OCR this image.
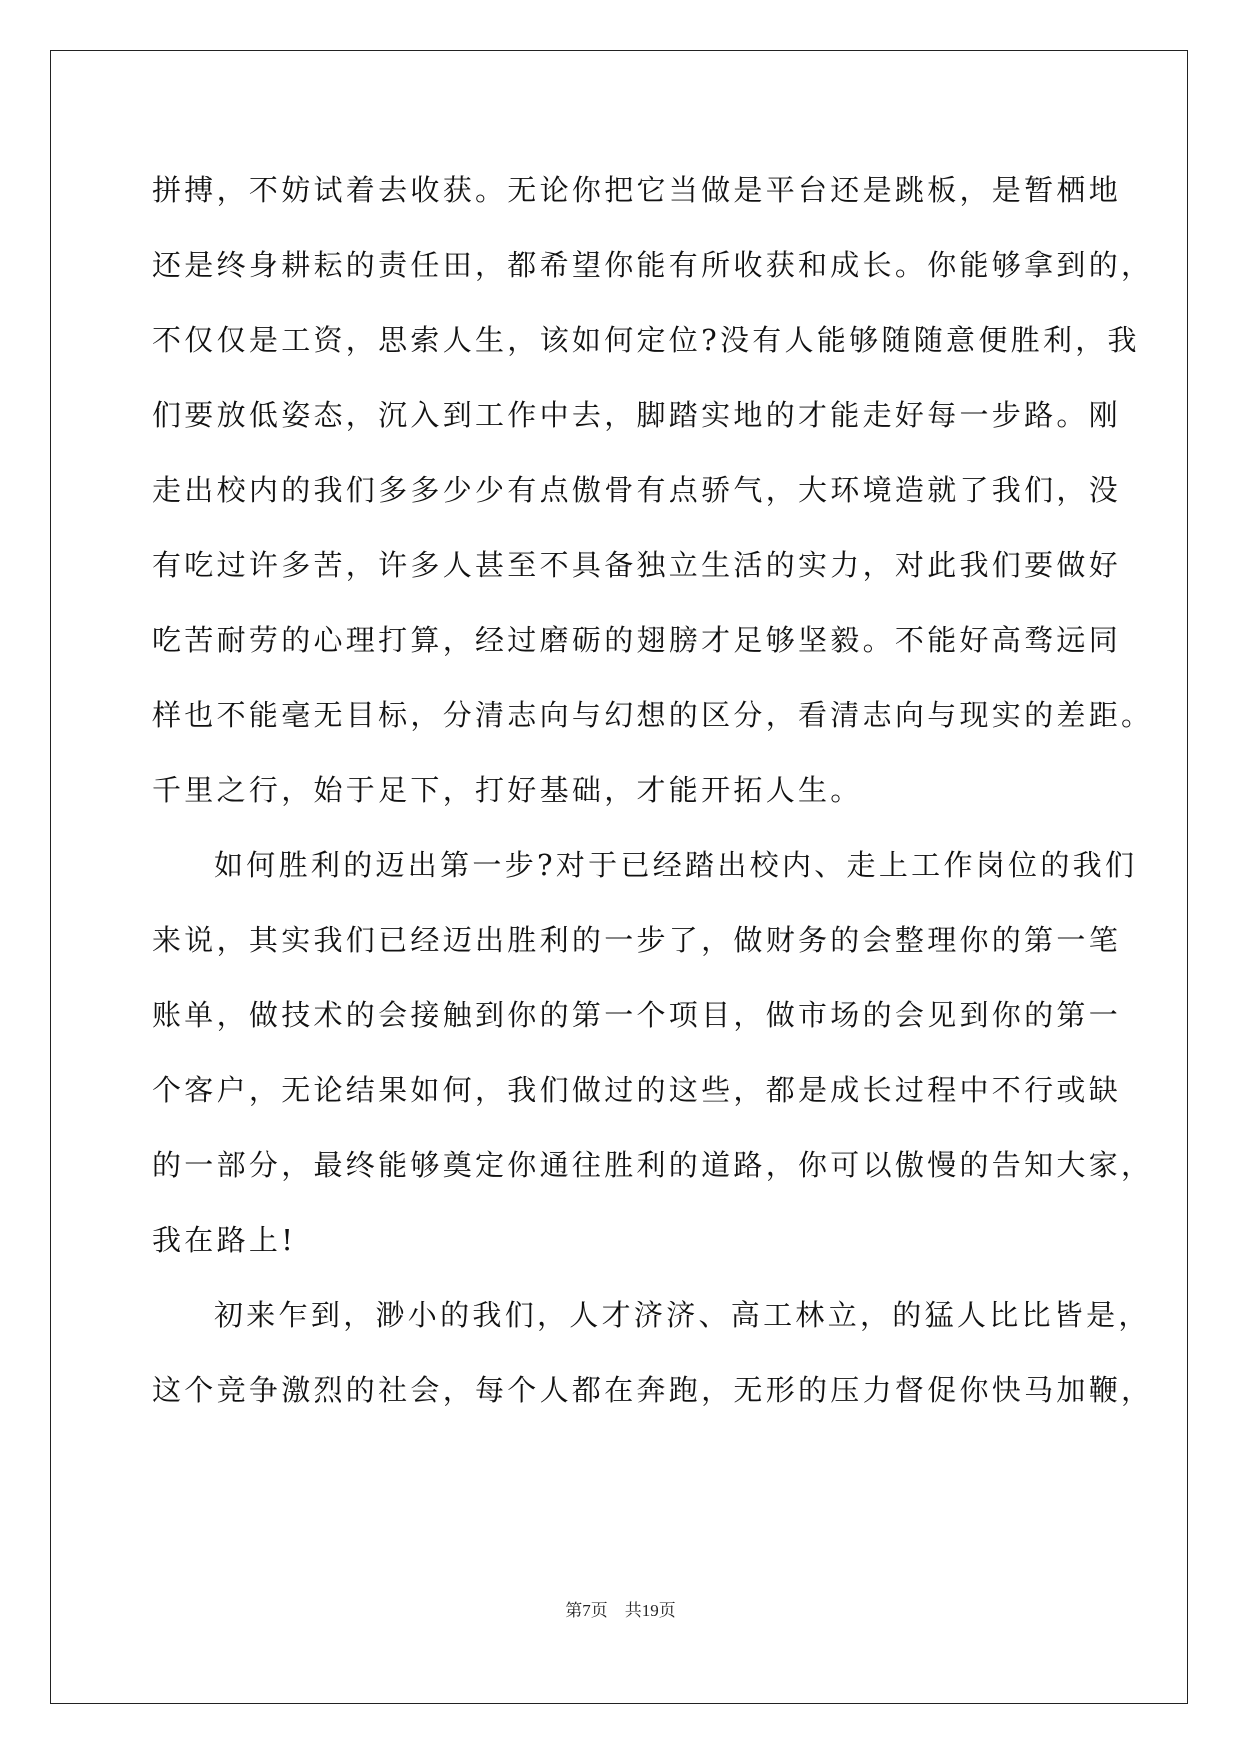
拼搏，不妨试着去收获。无论你把它当做是平台还是跳板，是暂栖地
还是终身耕耘的责任田，都希望你能有所收获和成长。你能够拿到的，
不仅仅是工资，思索人生，该如何定位?没有人能够随随意便胜利，我
们要放低姿态，沉入到工作中去，脚踏实地的才能走好每一步路。刚
走出校内的我们多多少少有点傲骨有点骄气，大环境造就了我们，没
有吃过许多苦，许多人甚至不具备独立生活的实力，对此我们要做好
吃苦耐劳的心理打算，经过磨砺的翅膀才足够坚毅。不能好高骛远同
样也不能毫无目标，分清志向与幻想的区分，看清志向与现实的差距。
千里之行，始于足下，打好基础，才能开拓人生。
如何胜利的迈出第一步?对于已经踏出校内、走上工作岗位的我们
来说，其实我们已经迈出胜利的一步了，做财务的会整理你的第一笔
账单，做技术的会接触到你的第一个项目，做市场的会见到你的第一
个客户，无论结果如何，我们做过的这些，都是成长过程中不行或缺
的一部分，最终能够奠定你通往胜利的道路，你可以傲慢的告知大家，
我在路上!
初来乍到，渺小的我们，人才济济、高工林立，的猛人比比皆是，
这个竞争激烈的社会，每个人都在奔跑，无形的压力督促你快马加鞭，
第7页　共19页
